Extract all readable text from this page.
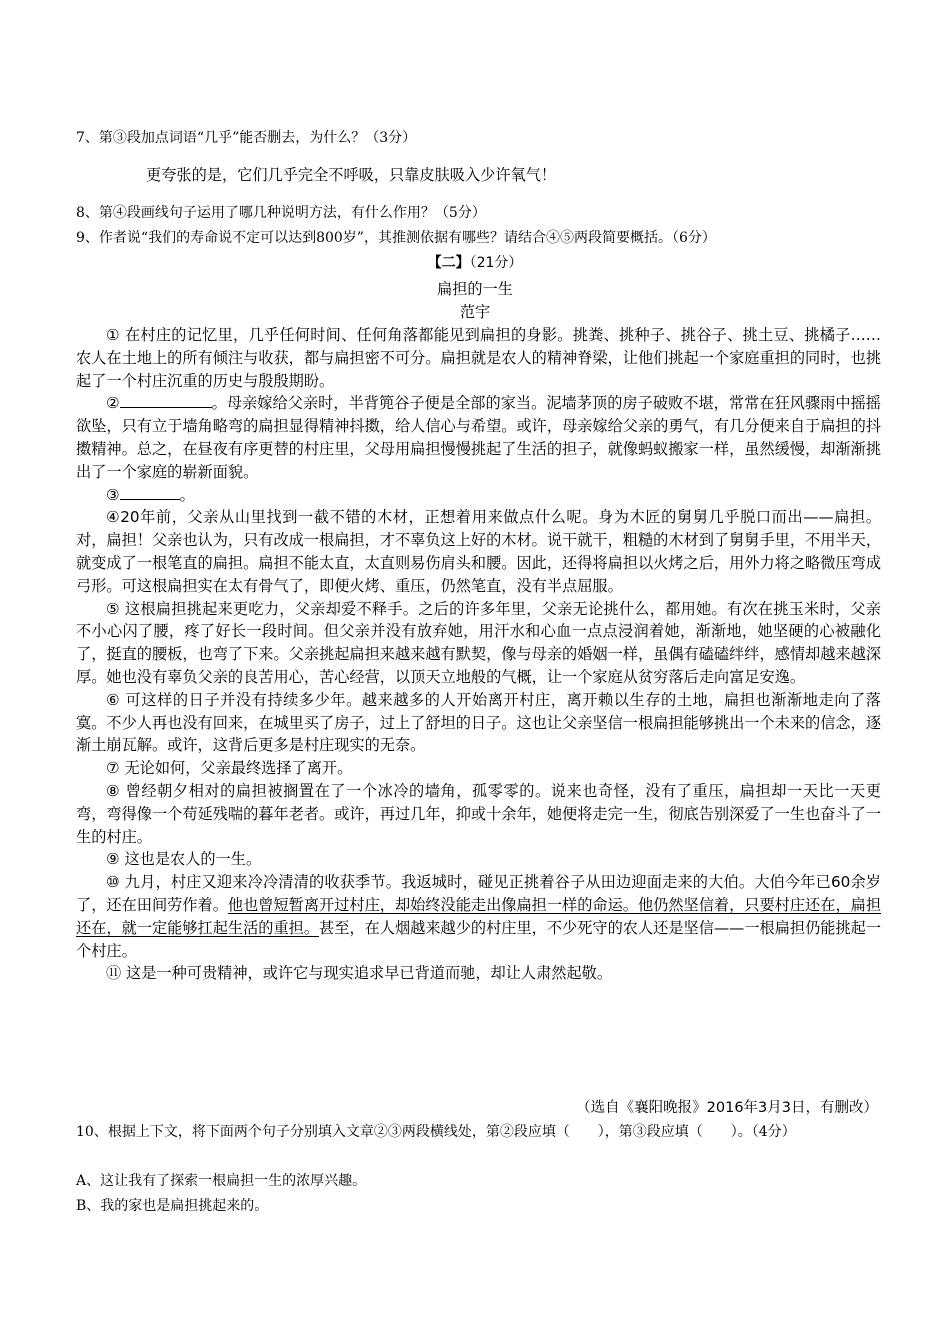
7、第③段加点词语“几乎”能否删去，为什么？（3分）
更夸张的是，它们几乎完全不呼吸，只靠皮肤吸入少许氧气！
8、第④段画线句子运用了哪几种说明方法，有什么作用？（5分）
9、作者说“我们的寿命说不定可以达到800岁”，其推测依据有哪些？请结合④⑤两段简要概括。（6分）
【二】（21分）
扁担的一生
范宇

① 在村庄的记忆里，几乎任何时间、任何角落都能见到扁担的身影。挑粪、挑种子、挑谷子、挑土豆、挑橘子……农人在土地上的所有倾注与收获，都与扁担密不可分。扁担就是农人的精神脊梁，让他们挑起一个家庭重担的同时，也挑起了一个村庄沉重的历史与殷殷期盼。

②	。母亲嫁给父亲时，半背篼谷子便是全部的家当。泥墙茅顶的房子破败不堪，常常在狂风骤雨中摇摇欲坠，只有立于墙角略弯的扁担显得精神抖擞，给人信心与希望。或许，母亲嫁给父亲的勇气，有几分便来自于扁担的抖擞精神。总之，在昼夜有序更替的村庄里，父母用扁担慢慢挑起了生活的担子，就像蚂蚁搬家一样，虽然缓慢，却渐渐挑出了一个家庭的崭新面貌。

③	。

④20年前，父亲从山里找到一截不错的木材，正想着用来做点什么呢。身为木匠的舅舅几乎脱口而出——扁担。对，扁担！父亲也认为，只有改成一根扁担，才不辜负这上好的木材。说干就干，粗糙的木材到了舅舅手里，不用半天，就变成了一根笔直的扁担。扁担不能太直，太直则易伤肩头和腰。因此，还得将扁担以火烤之后，用外力将之略微压弯成弓形。可这根扁担实在太有骨气了，即便火烤、重压，仍然笔直，没有半点屈服。

⑤ 这根扁担挑起来更吃力，父亲却爱不释手。之后的许多年里，父亲无论挑什么，都用她。有次在挑玉米时，父亲不小心闪了腰，疼了好长一段时间。但父亲并没有放弃她，用汗水和心血一点点浸润着她，渐渐地，她坚硬的心被融化了，挺直的腰板，也弯了下来。父亲挑起扁担来越来越有默契，像与母亲的婚姻一样，虽偶有磕磕绊绊，感情却越来越深厚。她也没有辜负父亲的良苦用心，苦心经营，以顶天立地般的气概，让一个家庭从贫穷落后走向富足安逸。

⑥ 可这样的日子并没有持续多少年。越来越多的人开始离开村庄，离开赖以生存的土地，扁担也渐渐地走向了落寞。不少人再也没有回来，在城里买了房子，过上了舒坦的日子。这也让父亲坚信一根扁担能够挑出一个未来的信念，逐渐土崩瓦解。或许，这背后更多是村庄现实的无奈。

⑦ 无论如何，父亲最终选择了离开。

⑧ 曾经朝夕相对的扁担被搁置在了一个冰冷的墙角，孤零零的。说来也奇怪，没有了重压，扁担却一天比一天更弯，弯得像一个苟延残喘的暮年老者。或许，再过几年，抑或十余年，她便将走完一生，彻底告别深爱了一生也奋斗了一生的村庄。

⑨ 这也是农人的一生。

⑩ 九月，村庄又迎来冷冷清清的收获季节。我返城时，碰见正挑着谷子从田边迎面走来的大伯。大伯今年已60余岁了，还在田间劳作着。他也曾短暂离开过村庄，却始终没能走出像扁担一样的命运。他仍然坚信着，只要村庄还在，扁担还在，就一定能够扛起生活的重担。甚至，在人烟越来越少的村庄里，不少死守的农人还是坚信——一根扁担仍能挑起一个村庄。

⑪ 这是一种可贵精神，或许它与现实追求早已背道而驰，却让人肃然起敬。

（选自《襄阳晚报》2016年3月3日，有删改）
10、根据上下文，将下面两个句子分别填入文章②③两段横线处，第②段应填（　　），第③段应填（　　）。（4分）
A、这让我有了探索一根扁担一生的浓厚兴趣。
B、我的家也是扁担挑起来的。
